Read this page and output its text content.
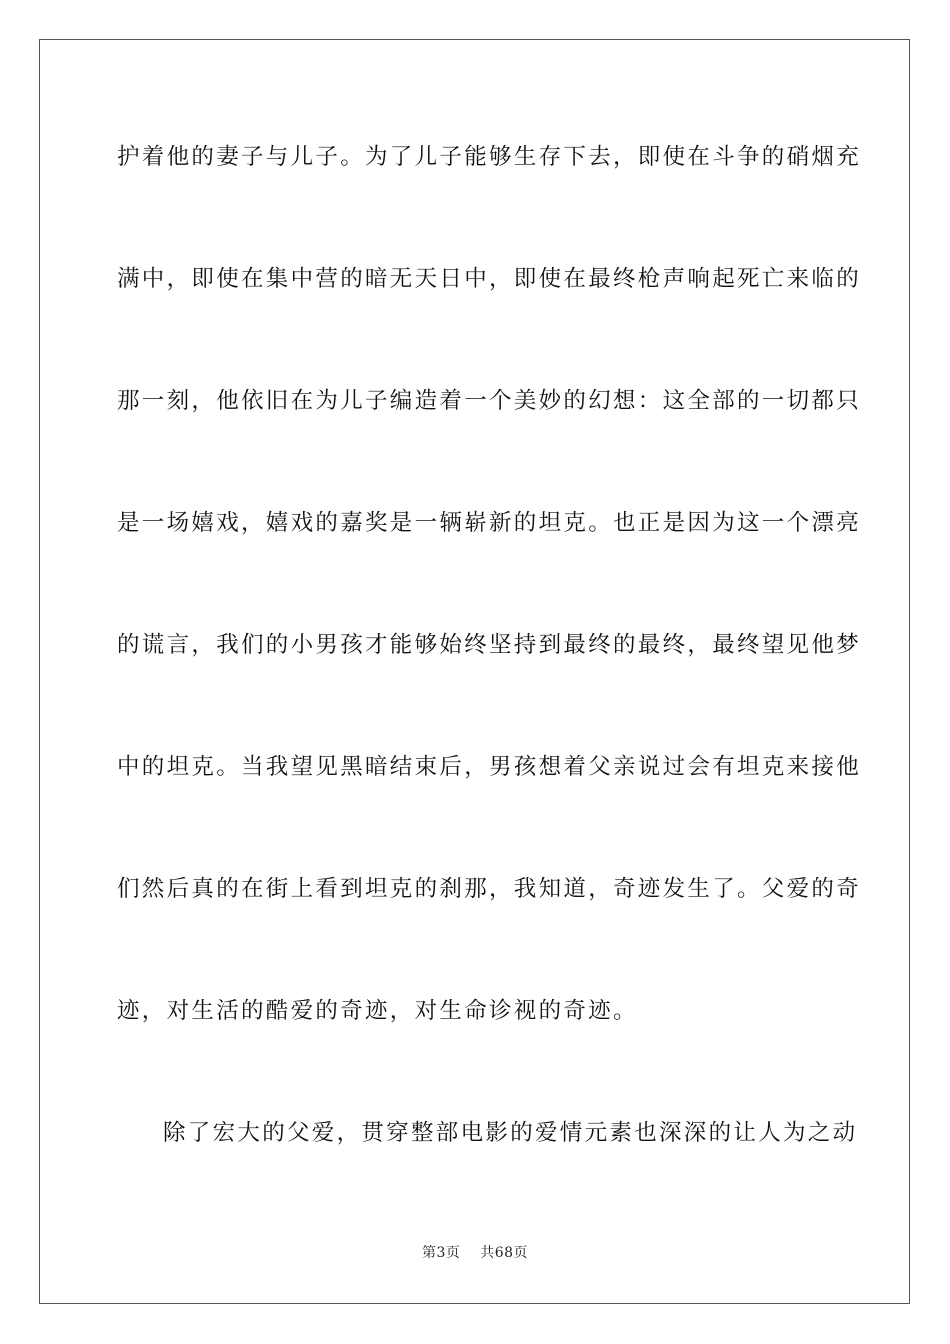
护着他的妻子与儿子。为了儿子能够生存下去，即使在斗争的硝烟充
满中，即使在集中营的暗无天日中，即使在最终枪声响起死亡来临的
那一刻，他依旧在为儿子编造着一个美妙的幻想：这全部的一切都只
是一场嬉戏，嬉戏的嘉奖是一辆崭新的坦克。也正是因为这一个漂亮
的谎言，我们的小男孩才能够始终坚持到最终的最终，最终望见他梦
中的坦克。当我望见黑暗结束后，男孩想着父亲说过会有坦克来接他
们然后真的在街上看到坦克的刹那，我知道，奇迹发生了。父爱的奇
迹，对生活的酷爱的奇迹，对生命诊视的奇迹。
除了宏大的父爱，贯穿整部电影的爱情元素也深深的让人为之动
第3页 共68页
